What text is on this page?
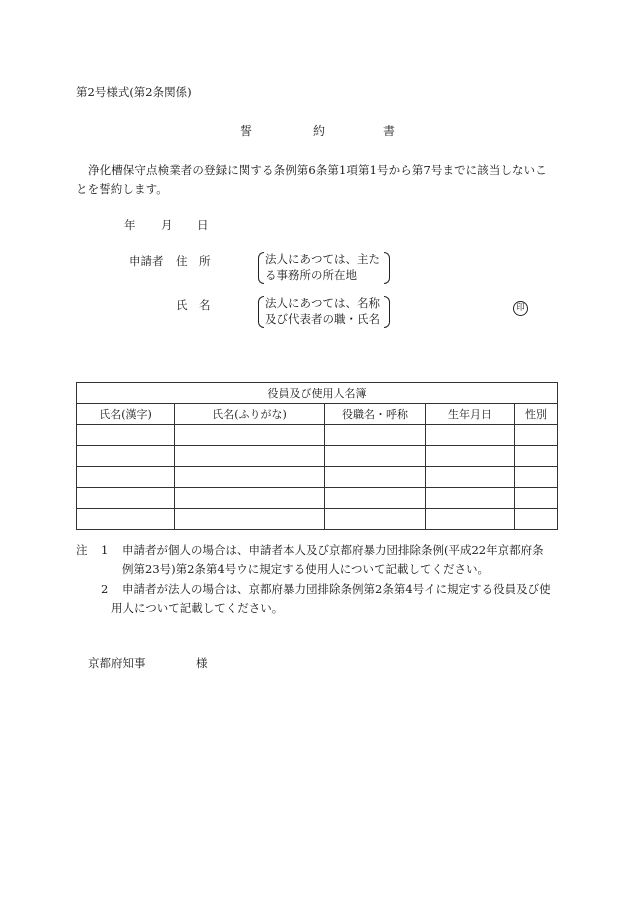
第2号様式(第2条関係)
誓	約	書
浄化槽保守点検業者の登録に関する条例第6条第1項第1号から第7号までに該当しないことを誓約します。
年 月 日
申請者 住　所	法人にあつては、主た
る事務所の所在地
氏　名	法人にあつては、名称
及び代表者の職・氏名
印
役員及び使用人名簿				
氏名(漢字)	氏名(ふりがな)	役職名・呼称	生年月日	性別

注 1 申請者が個人の場合は、申請者本人及び京都府暴力団排除条例(平成22年京都府条

例第23号)第2条第4号ウに規定する使用人について記載してください。
2 申請者が法人の場合は、京都府暴力団排除条例第2条第4号イに規定する役員及び使

用人について記載してください。
京都府知事	様
